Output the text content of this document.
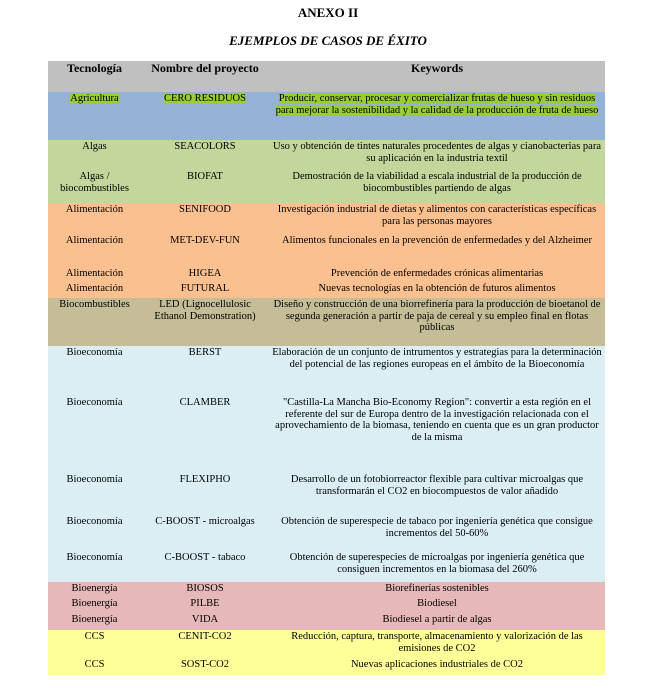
ANEXO II
EJEMPLOS DE CASOS DE ÉXITO
Tecnología	Nombre del proyecto	Keywords
Agricultura	CERO RESIDUOS	Producir, conservar, procesar y comercializar frutas de hueso y sin residuos para mejorar la sostenibilidad y la calidad de la producción de fruta de hueso
Algas	SEACOLORS	Uso y obtención de tintes naturales procedentes de algas y cianobacterias para su aplicación en la industria textil
Algas / biocombustibles	BIOFAT	Demostración de la viabilidad a escala industrial de la producción de biocombustibles partiendo de algas
Alimentación	SENIFOOD	Investigación industrial de dietas y alimentos con características específicas para las personas mayores
Alimentación	MET-DEV-FUN	Alimentos funcionales en la prevención de enfermedades y del Alzheimer
Alimentación	HIGEA	Prevención de enfermedades crónicas alimentarias
Alimentación	FUTURAL	Nuevas tecnologías en la obtención de futuros alimentos
Biocombustibles	LED (Lignocellulosic Ethanol Demonstration)	Diseño y construcción de una biorrefinería para la producción de bioetanol de segunda generación a partir de paja de cereal y su empleo final en flotas públicas
Bioeconomía	BERST	Elaboración de un conjunto de intrumentos y estrategias para la determinación del potencial de las regiones europeas en el ámbito de la Bioeconomía
Bioeconomía	CLAMBER	"Castilla-La Mancha Bio-Economy Region": convertir a esta región en el referente del sur de Europa dentro de la investigación relacionada con el aprovechamiento de la biomasa, teniendo en cuenta que es un gran productor de la misma
Bioeconomía	FLEXIPHO	Desarrollo de un fotobiorreactor flexible para cultivar microalgas que transformarán el CO2 en biocompuestos de valor añadido
Bioeconomía	C-BOOST - microalgas	Obtención de superespecie de tabaco por ingeniería genética que consigue incrementos del 50-60%
Bioeconomía	C-BOOST - tabaco	Obtención de superespecies de microalgas por ingeniería genética que consiguen incrementos en la biomasa del 260%
Bioenergía	BIOSOS	Biorefinerías sostenibles
Bioenergía	PILBE	Biodiesel
Bioenergía	VIDA	Biodiesel a partir de algas
CCS	CENIT-CO2	Reducción, captura, transporte, almacenamiento y valorización de las emisiones de CO2
CCS	SOST-CO2	Nuevas aplicaciones industriales de CO2
